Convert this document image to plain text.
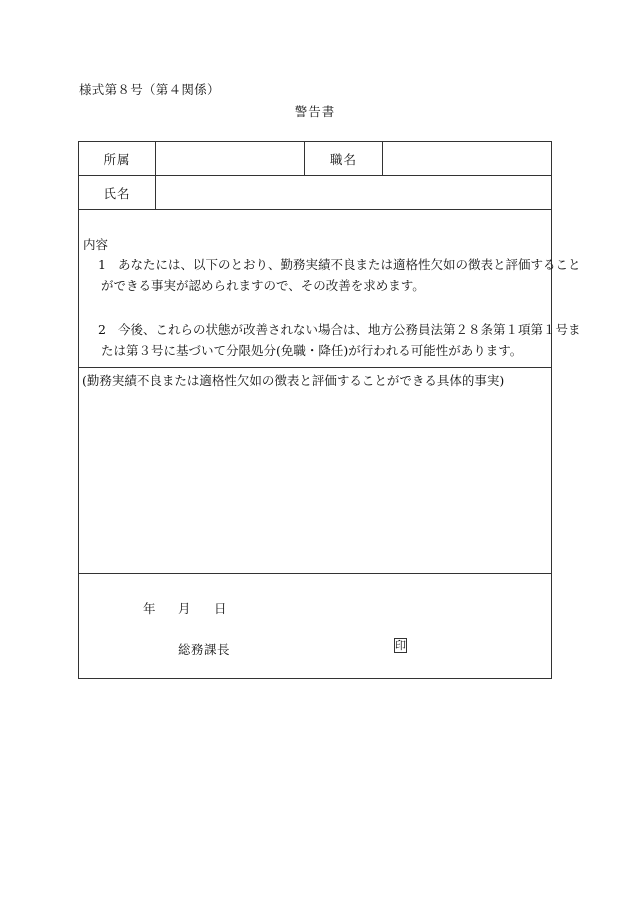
様式第８号（第４関係）
警告書
所属	職名
氏名
内容
1 あなたには、以下のとおり、勤務実績不良または適格性欠如の徴表と評価すること
ができる事実が認められますので、その改善を求めます。
2 今後、これらの状態が改善されない場合は、地方公務員法第２８条第１項第１号ま
たは第３号に基づいて分限処分(免職・降任)が行われる可能性があります。
(勤務実績不良または適格性欠如の徴表と評価することができる具体的事実)
年 月 日
総務課長	印
